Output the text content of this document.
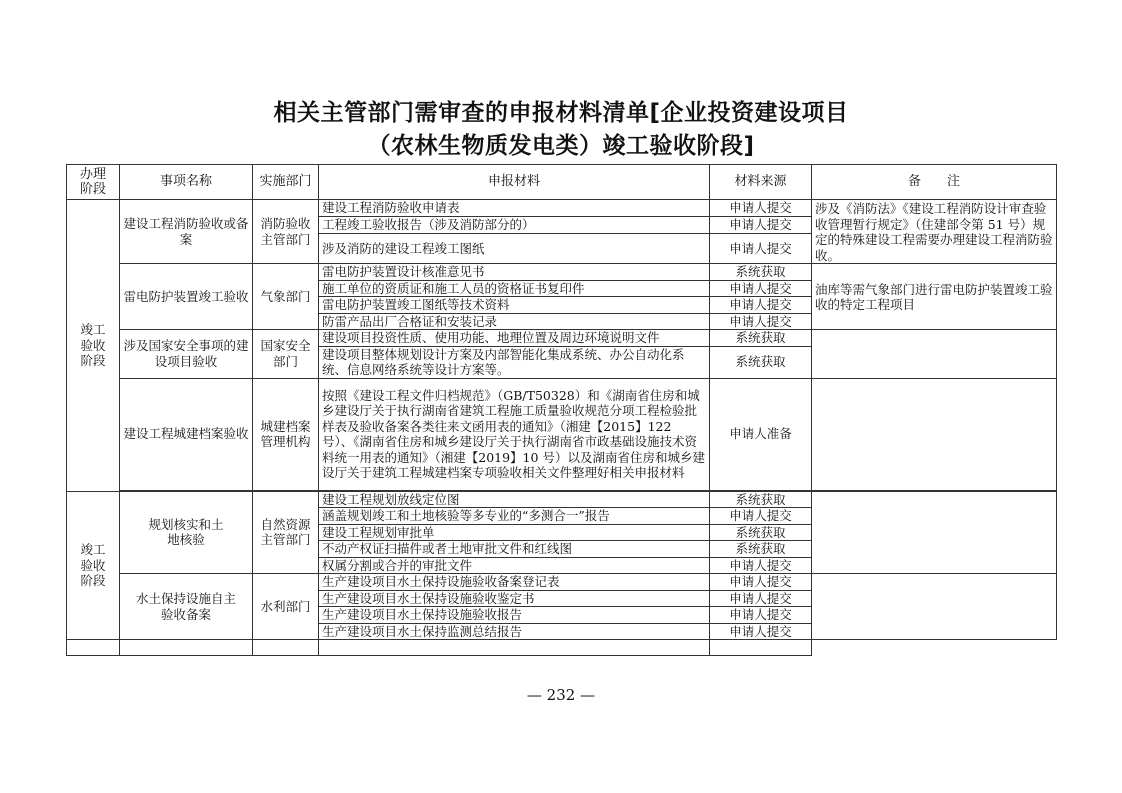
相关主管部门需审查的申报材料清单[企业投资建设项目
（农林生物质发电类）竣工验收阶段]
办理阶段	事项名称	实施部门	申报材料	材料来源	备　　注
竣工验收阶段	建设工程消防验收或备案	消防验收主管部门	建设工程消防验收申请表	申请人提交	涉及《消防法》《建设工程消防设计审查验收管理暂行规定》（住建部令第 51 号）规定的特殊建设工程需要办理建设工程消防验收。
			工程竣工验收报告（涉及消防部分的）	申请人提交	
			涉及消防的建设工程竣工图纸	申请人提交	
	雷电防护装置竣工验收	气象部门	雷电防护装置设计核准意见书	系统获取	油库等需气象部门进行雷电防护装置竣工验收的特定工程项目
			施工单位的资质证和施工人员的资格证书复印件	申请人提交	
			雷电防护装置竣工图纸等技术资料	申请人提交	
			防雷产品出厂合格证和安装记录	申请人提交	
	涉及国家安全事项的建设项目验收	国家安全部门	建设项目投资性质、使用功能、地理位置及周边环境说明文件	系统获取	
			建设项目整体规划设计方案及内部智能化集成系统、办公自动化系统、信息网络系统等设计方案等。	系统获取	
	建设工程城建档案验收	城建档案管理机构	按照《建设工程文件归档规范》（GB/T50328）和《湖南省住房和城乡建设厅关于执行湖南省建筑工程施工质量验收规范分项工程检验批样表及验收备案各类往来文函用表的通知》（湘建【2015】122 号）、《湖南省住房和城乡建设厅关于执行湖南省市政基础设施技术资料统一用表的通知》（湘建【2019】10 号）以及湖南省住房和城乡建设厅关于建筑工程城建档案专项验收相关文件整理好相关申报材料	申请人准备	

竣工验收阶段	规划核实和土地核验	自然资源主管部门	建设工程规划放线定位图	系统获取	
			涵盖规划竣工和土地核验等多专业的“多测合一”报告	申请人提交	
			建设工程规划审批单	系统获取	
			不动产权证扫描件或者土地审批文件和红线图	系统获取	
			权属分割或合并的审批文件	申请人提交	
	水土保持设施自主验收备案	水利部门	生产建设项目水土保持设施验收备案登记表	申请人提交	
			生产建设项目水土保持设施验收鉴定书	申请人提交	
			生产建设项目水土保持设施验收报告	申请人提交	
			生产建设项目水土保持监测总结报告	申请人提交	

— 232 —
